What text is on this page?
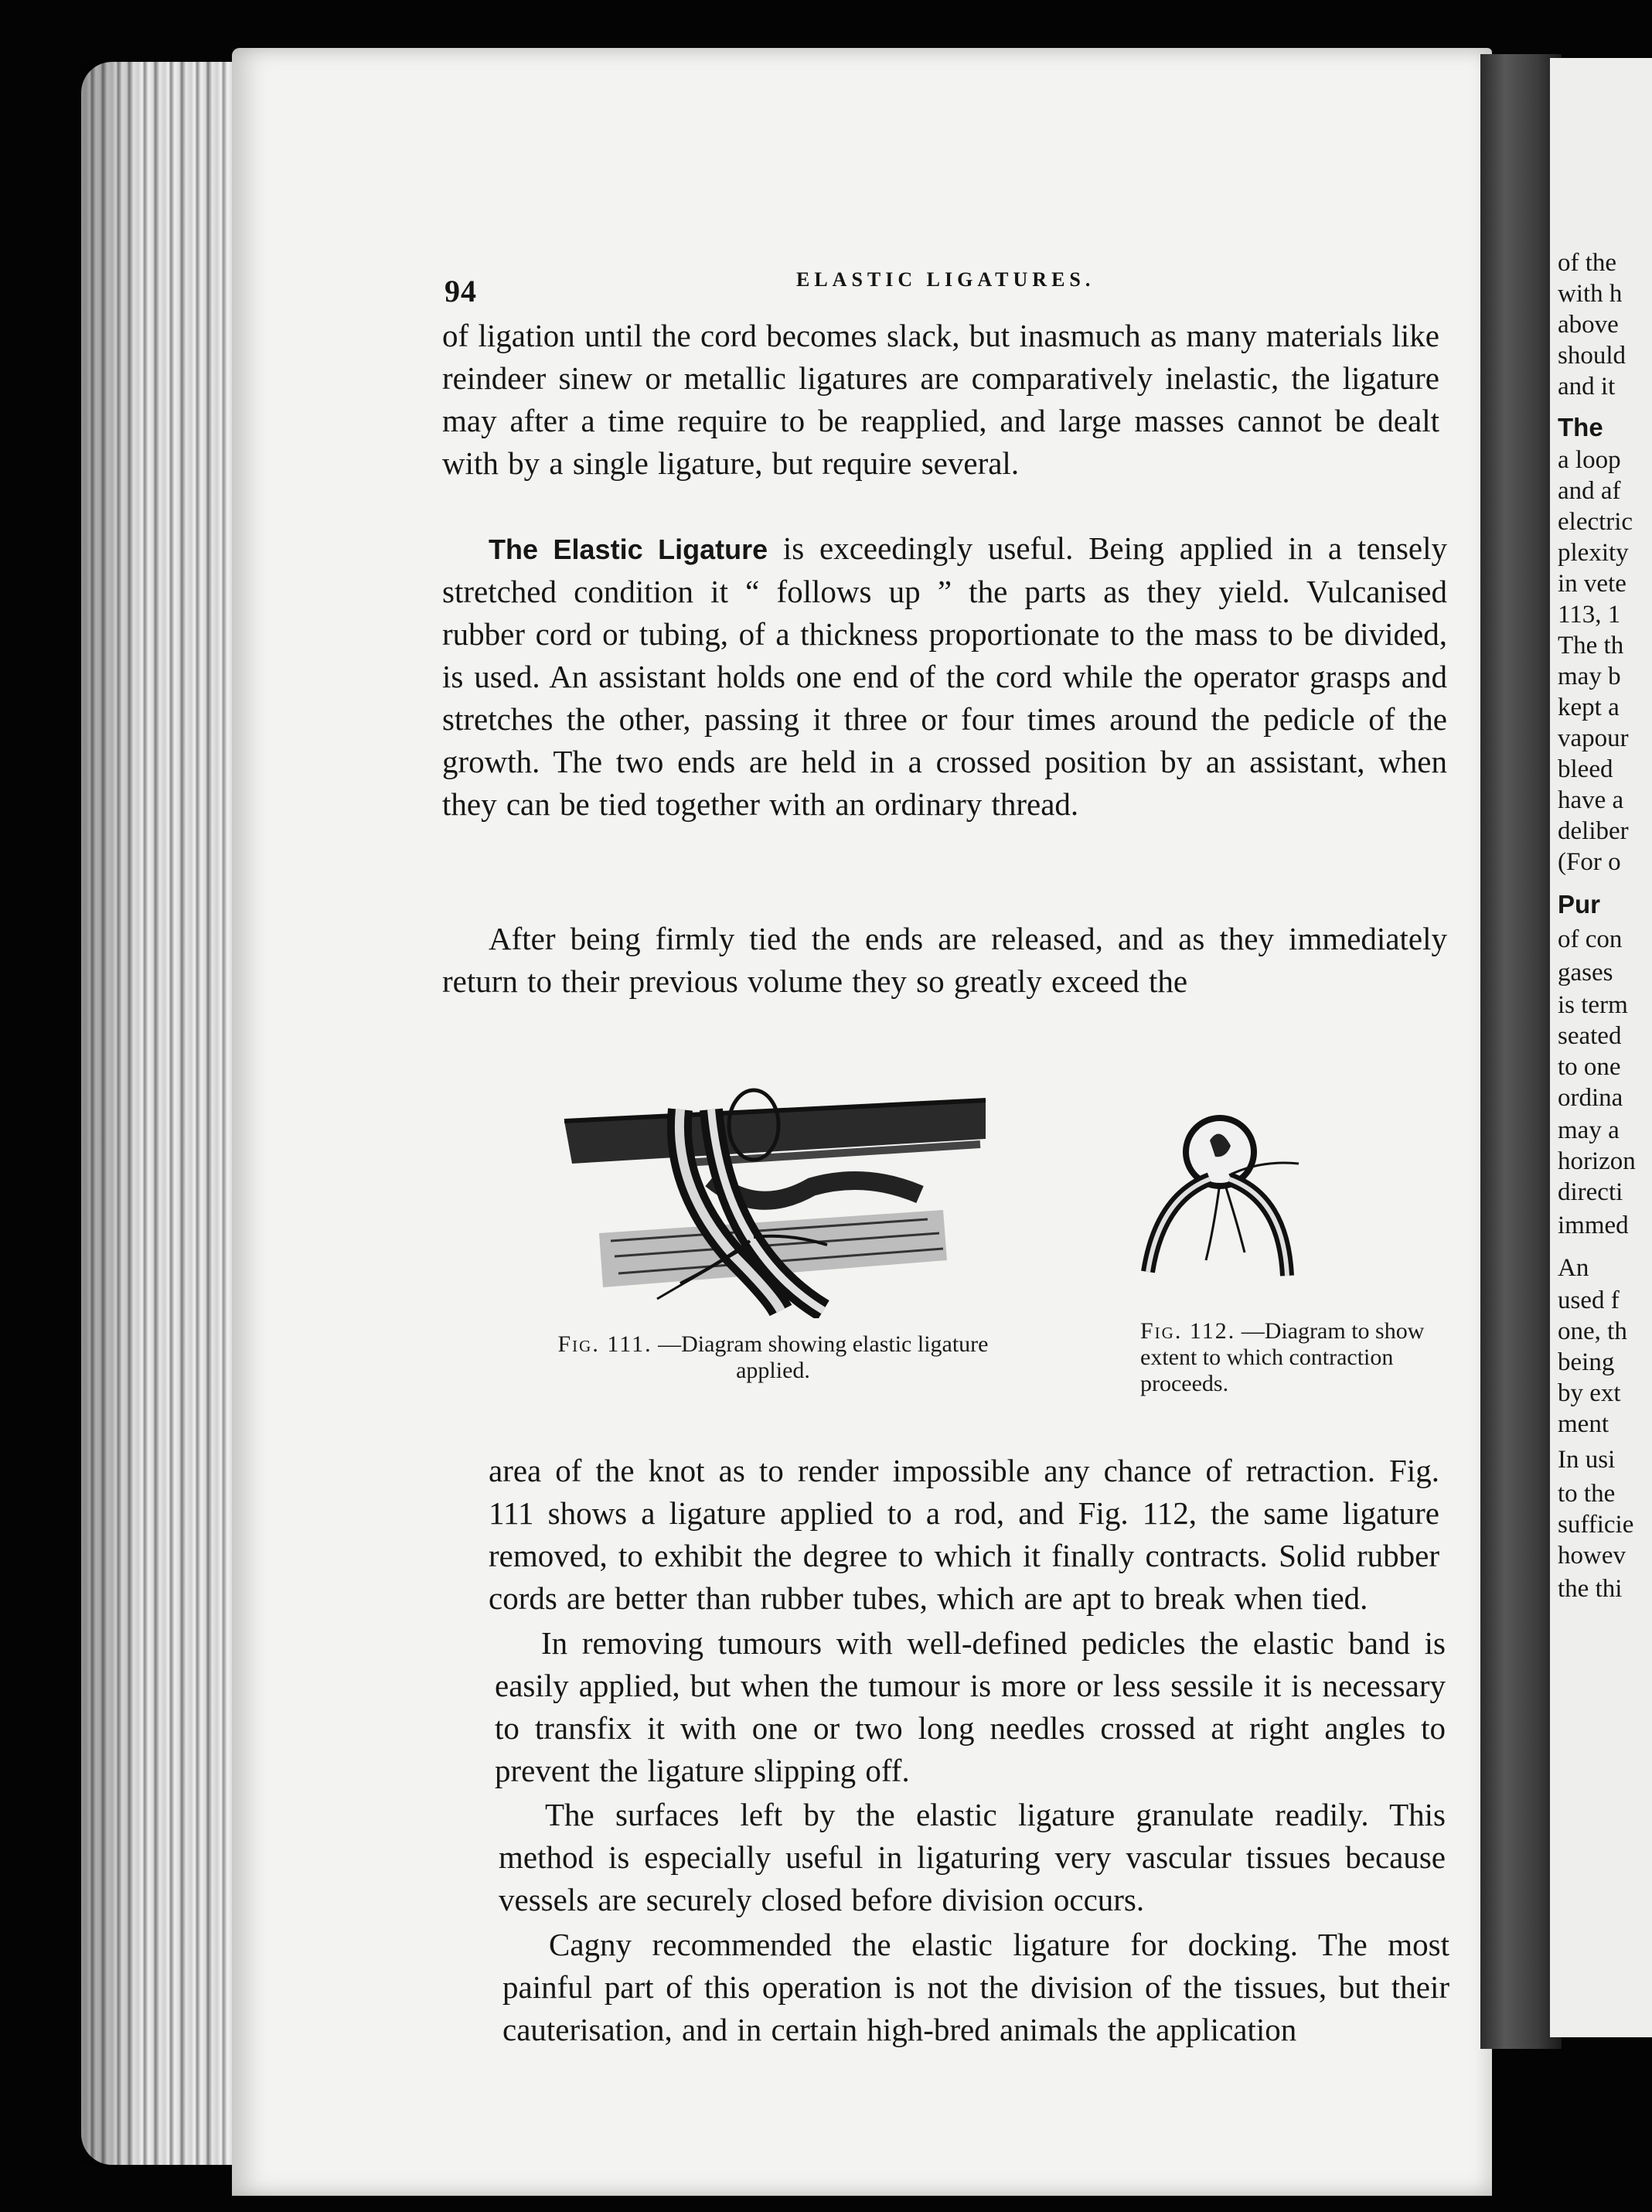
of the
with h
above
should
and it
The
a loop
and af
electric
plexity
in vete
113, 1
The th
may b
kept a
vapour
bleed
have a
deliber
(For o
Pur
of con
gases
is term
seated
to one
ordina
may a
horizon
directi
immed
An
used f
one, th
being
by ext
ment
In usi
to the
sufficie
howev
the thi
94	ELASTIC LIGATURES.

of ligation until the cord becomes slack, but inasmuch as many materials like reindeer sinew or metallic ligatures are comparatively inelastic, the ligature may after a time require to be reapplied, and large masses cannot be dealt with by a single ligature, but require several.

The Elastic Ligature is exceedingly useful. Being applied in a tensely stretched condition it “ follows up ” the parts as they yield. Vulcanised rubber cord or tubing, of a thickness proportionate to the mass to be divided, is used. An assistant holds one end of the cord while the operator grasps and stretches the other, passing it three or four times around the pedicle of the growth. The two ends are held in a crossed position by an assistant, when they can be tied together with an ordinary thread.

After being firmly tied the ends are released, and as they immediately return to their previous volume they so greatly exceed the

Fig. 111. —Diagram showing elastic ligature applied.

Fig. 112. —Diagram to show extent to which contraction proceeds.

area of the knot as to render impossible any chance of retraction. Fig. 111 shows a ligature applied to a rod, and Fig. 112, the same ligature removed, to exhibit the degree to which it finally contracts. Solid rubber cords are better than rubber tubes, which are apt to break when tied.

In removing tumours with well-defined pedicles the elastic band is easily applied, but when the tumour is more or less sessile it is necessary to transfix it with one or two long needles crossed at right angles to prevent the ligature slipping off.

The surfaces left by the elastic ligature granulate readily. This method is especially useful in ligaturing very vascular tissues because vessels are securely closed before division occurs.

Cagny recommended the elastic ligature for docking. The most painful part of this operation is not the division of the tissues, but their cauterisation, and in certain high-bred animals the application
